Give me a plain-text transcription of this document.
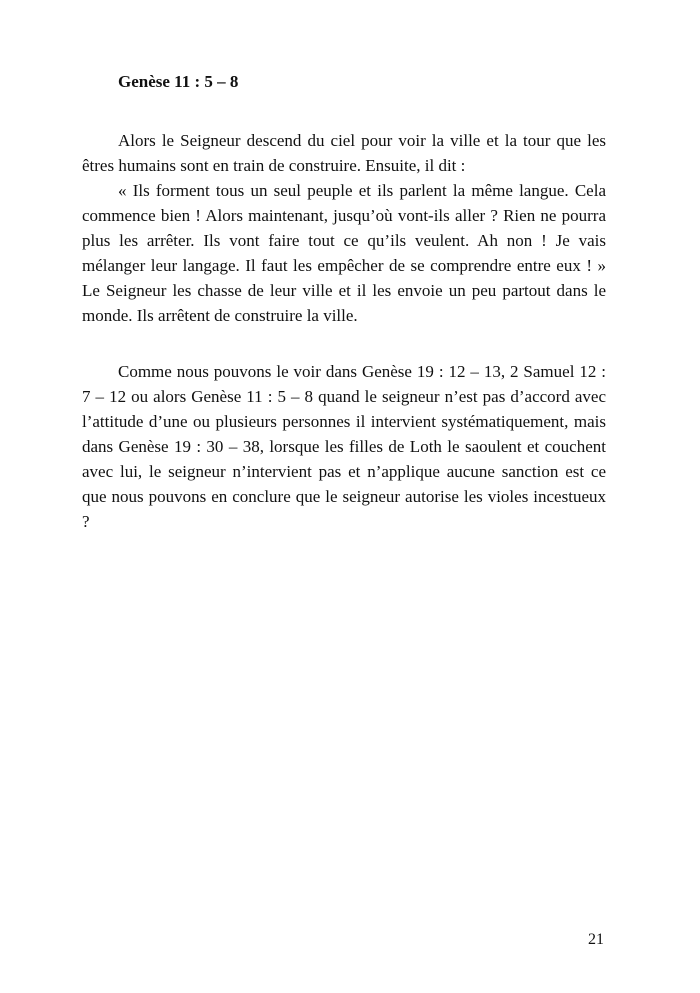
Genèse 11 : 5 – 8

Alors le Seigneur descend du ciel pour voir la ville et la tour que les êtres humains sont en train de construire. Ensuite, il dit :

« Ils forment tous un seul peuple et ils parlent la même langue. Cela commence bien ! Alors maintenant, jusqu’où vont-ils aller ? Rien ne pourra plus les arrêter. Ils vont faire tout ce qu’ils veulent. Ah non ! Je vais mélanger leur langage. Il faut les empêcher de se comprendre entre eux ! » Le Seigneur les chasse de leur ville et il les envoie un peu partout dans le monde. Ils arrêtent de construire la ville.

Comme nous pouvons le voir dans Genèse 19 : 12 – 13, 2 Samuel 12 : 7 – 12 ou alors Genèse 11 : 5 – 8 quand le seigneur n’est pas d’accord avec l’attitude d’une ou plusieurs personnes il intervient systématiquement, mais dans Genèse 19 : 30 – 38, lorsque les filles de Loth le saoulent et couchent avec lui, le seigneur n’intervient pas et n’applique aucune sanction est ce que nous pouvons en conclure que le seigneur autorise les violes incestueux ?

21
